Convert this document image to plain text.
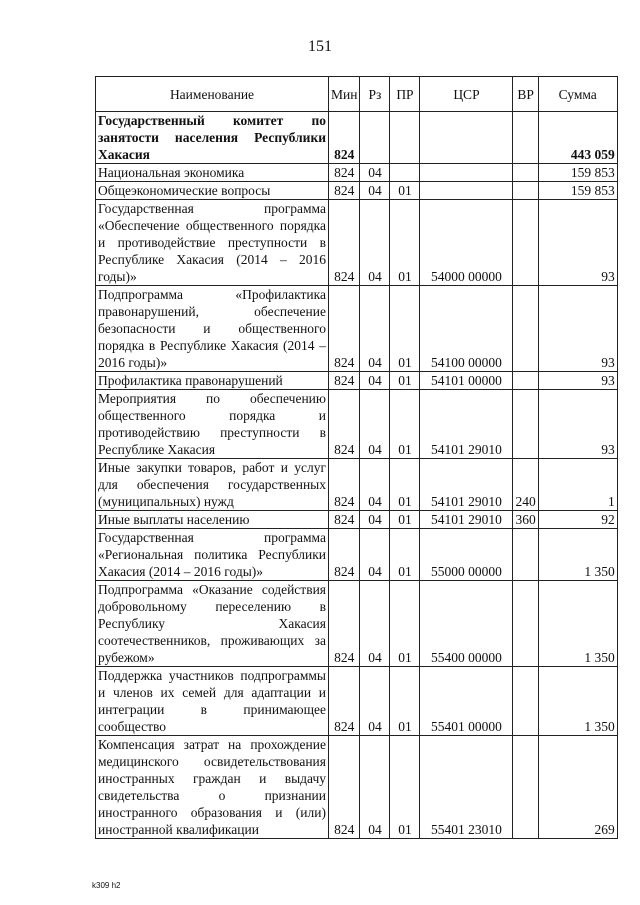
151
Наименование	Мин	Рз	ПР	ЦСР	ВР	Сумма
Государственный комитет по занятости населения Республики Хакасия	824					443 059
Национальная экономика	824	04				159 853
Общеэкономические вопросы	824	04	01			159 853
Государственная программа «Обеспечение общественного порядка и противодействие преступности в Республике Хакасия (2014 – 2016 годы)»	824	04	01	54000 00000		93
Подпрограмма «Профилактика правонарушений, обеспечение безопасности и общественного порядка в Республике Хакасия (2014 – 2016 годы)»	824	04	01	54100 00000		93
Профилактика правонарушений	824	04	01	54101 00000		93
Мероприятия по обеспечению общественного порядка и противодействию преступности в Республике Хакасия	824	04	01	54101 29010		93
Иные закупки товаров, работ и услуг для обеспечения государственных (муниципальных) нужд	824	04	01	54101 29010	240	1
Иные выплаты населению	824	04	01	54101 29010	360	92
Государственная программа «Региональная политика Республики Хакасия (2014 – 2016 годы)»	824	04	01	55000 00000		1 350
Подпрограмма «Оказание содействия добровольному переселению в Республику Хакасия соотечественников, проживающих за рубежом»	824	04	01	55400 00000		1 350
Поддержка участников подпрограммы и членов их семей для адаптации и интеграции в принимающее сообщество	824	04	01	55401 00000		1 350
Компенсация затрат на прохождение медицинского освидетельствования иностранных граждан и выдачу свидетельства о признании иностранного образования и (или) иностранной квалификации	824	04	01	55401 23010		269
k309 h2
